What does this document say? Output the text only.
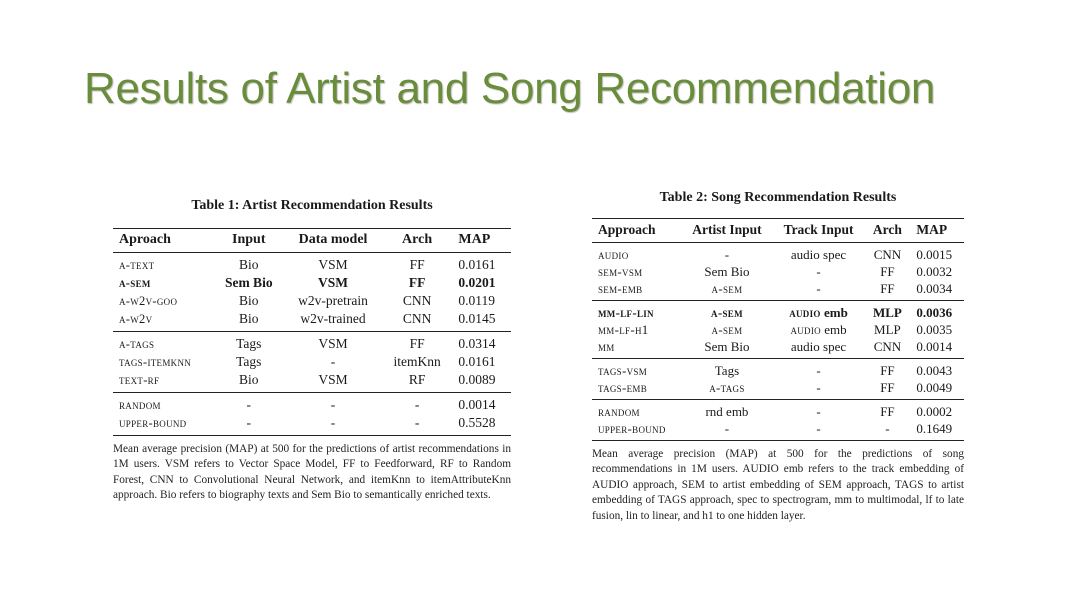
Results of Artist and Song Recommendation
Table 1: Artist Recommendation Results
Aproach	Input	Data model	Arch	MAP
a-text	Bio	VSM	FF	0.0161
a-sem	Sem Bio	VSM	FF	0.0201
a-w2v-goo	Bio	w2v-pretrain	CNN	0.0119
a-w2v	Bio	w2v-trained	CNN	0.0145
a-tags	Tags	VSM	FF	0.0314
tags-itemknn	Tags	-	itemKnn	0.0161
text-rf	Bio	VSM	RF	0.0089
random	-	-	-	0.0014
upper-bound	-	-	-	0.5528
Mean average precision (MAP) at 500 for the predictions of artist recommendations in 1M users. VSM refers to Vector Space Model, FF to Feedforward, RF to Random Forest, CNN to Convolutional Neural Network, and itemKnn to itemAttributeKnn approach. Bio refers to biography texts and Sem Bio to semantically enriched texts.
Table 2: Song Recommendation Results
Approach	Artist Input	Track Input	Arch	MAP
audio	-	audio spec	CNN	0.0015
sem-vsm	Sem Bio	-	FF	0.0032
sem-emb	a-sem	-	FF	0.0034
mm-lf-lin	a-sem	audio emb	MLP	0.0036
mm-lf-h1	a-sem	audio emb	MLP	0.0035
mm	Sem Bio	audio spec	CNN	0.0014
tags-vsm	Tags	-	FF	0.0043
tags-emb	a-tags	-	FF	0.0049
random	rnd emb	-	FF	0.0002
upper-bound	-	-	-	0.1649
Mean average precision (MAP) at 500 for the predictions of song recommendations in 1M users. AUDIO emb refers to the track embedding of AUDIO approach, SEM to artist embedding of SEM approach, TAGS to artist embedding of TAGS approach, spec to spectrogram, mm to multimodal, lf to late fusion, lin to linear, and h1 to one hidden layer.
